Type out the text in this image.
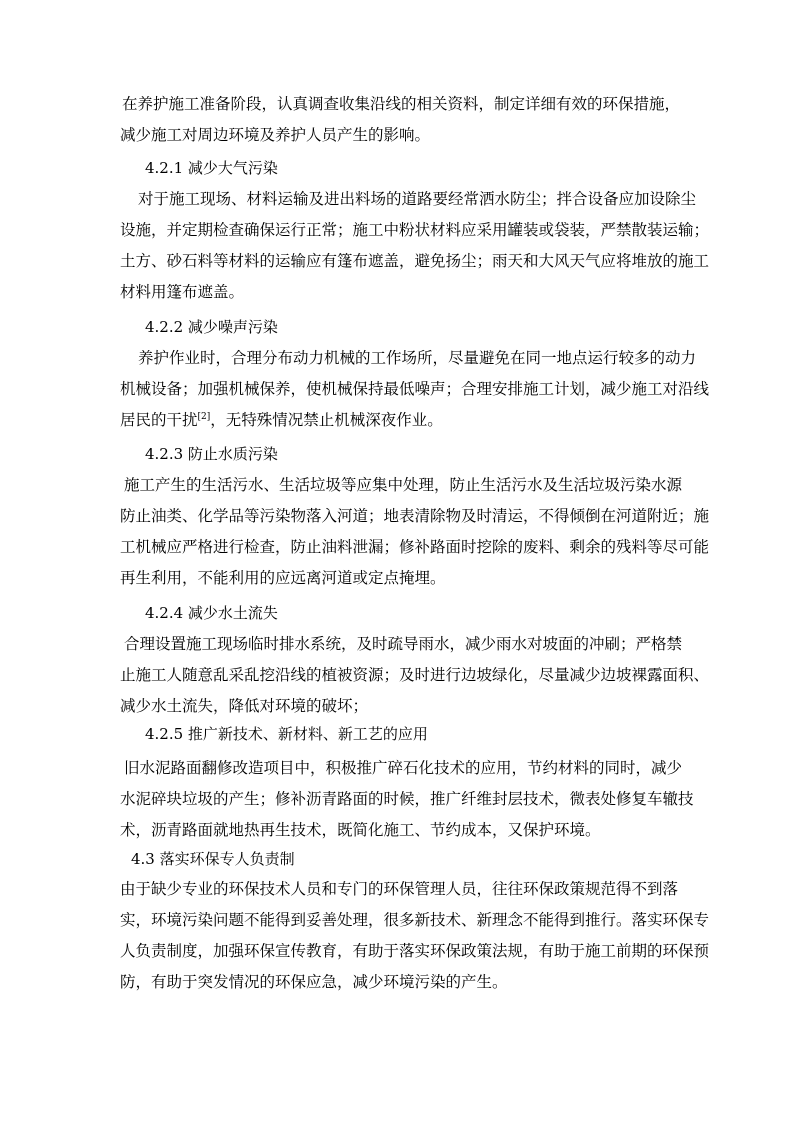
在养护施工准备阶段，认真调查收集沿线的相关资料，制定详细有效的环保措施，
减少施工对周边环境及养护人员产生的影响。
4.2.1 减少大气污染
对于施工现场、材料运输及进出料场的道路要经常洒水防尘；拌合设备应加设除尘
设施，并定期检查确保运行正常；施工中粉状材料应采用罐装或袋装，严禁散装运输；
土方、砂石料等材料的运输应有篷布遮盖，避免扬尘；雨天和大风天气应将堆放的施工
材料用篷布遮盖。
4.2.2 减少噪声污染
养护作业时，合理分布动力机械的工作场所，尽量避免在同一地点运行较多的动力
机械设备；加强机械保养，使机械保持最低噪声；合理安排施工计划，减少施工对沿线
居民的干扰[2]，无特殊情况禁止机械深夜作业。
4.2.3 防止水质污染
施工产生的生活污水、生活垃圾等应集中处理，防止生活污水及生活垃圾污染水源
防止油类、化学品等污染物落入河道；地表清除物及时清运，不得倾倒在河道附近；施
工机械应严格进行检查，防止油料泄漏；修补路面时挖除的废料、剩余的残料等尽可能
再生利用，不能利用的应远离河道或定点掩埋。
4.2.4 减少水土流失
合理设置施工现场临时排水系统，及时疏导雨水，减少雨水对坡面的冲刷；严格禁
止施工人随意乱采乱挖沿线的植被资源；及时进行边坡绿化，尽量减少边坡裸露面积、
减少水土流失，降低对环境的破坏；
4.2.5 推广新技术、新材料、新工艺的应用
旧水泥路面翻修改造项目中，积极推广碎石化技术的应用，节约材料的同时，减少
水泥碎块垃圾的产生；修补沥青路面的时候，推广纤维封层技术，微表处修复车辙技
术，沥青路面就地热再生技术，既简化施工、节约成本，又保护环境。
4.3 落实环保专人负责制
由于缺少专业的环保技术人员和专门的环保管理人员，往往环保政策规范得不到落
实，环境污染问题不能得到妥善处理，很多新技术、新理念不能得到推行。落实环保专
人负责制度，加强环保宣传教育，有助于落实环保政策法规，有助于施工前期的环保预
防，有助于突发情况的环保应急，减少环境污染的产生。
